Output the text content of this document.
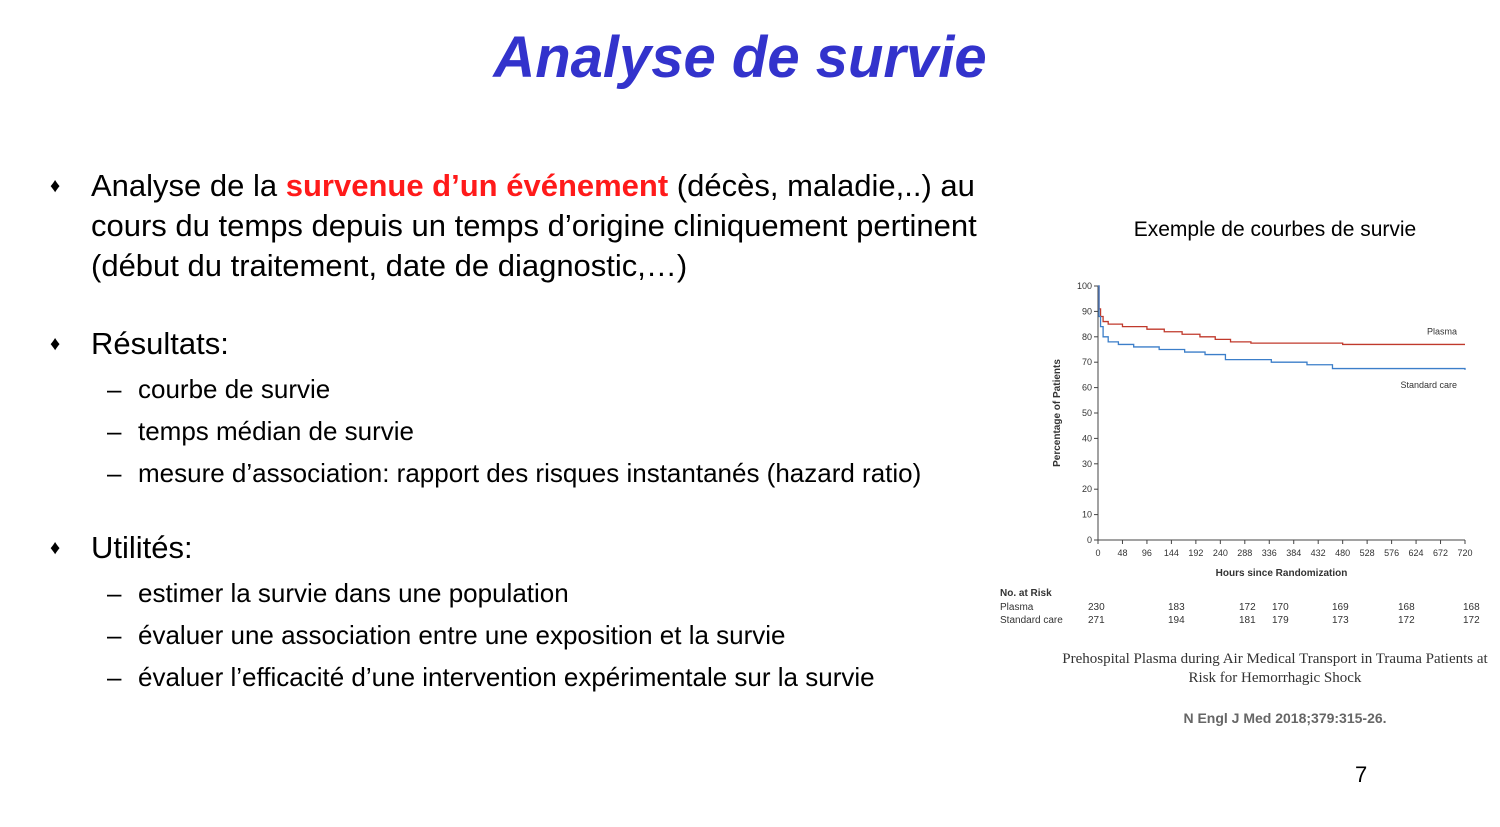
Analyse de survie
♦ Analyse de la survenue d’un événement (décès, maladie,..) au cours du temps depuis un temps d’origine cliniquement pertinent (début du traitement, date de diagnostic,…)
♦ Résultats:
– courbe de survie
– temps médian de survie
– mesure d’association: rapport des risques instantanés (hazard ratio)
♦ Utilités:
– estimer la survie dans une population
– évaluer une association entre une exposition et la survie
– évaluer l’efficacité d’une intervention expérimentale sur la survie
Exemple de courbes de survie
0
10
20
30
40
50
60
70
80
90
100
0 48 96 144 192 240 288 336 384 432 480 528 576 624 672 720
Hours since Randomization
Percentage of Patients
Plasma
Standard care
No. at Risk
Plasma	230	183	172 170	169	168	168
Standard care	271	194	181 179	173	172	172
Prehospital Plasma during Air Medical Transport in Trauma Patients at Risk for Hemorrhagic Shock
N Engl J Med 2018;379:315-26.
7
